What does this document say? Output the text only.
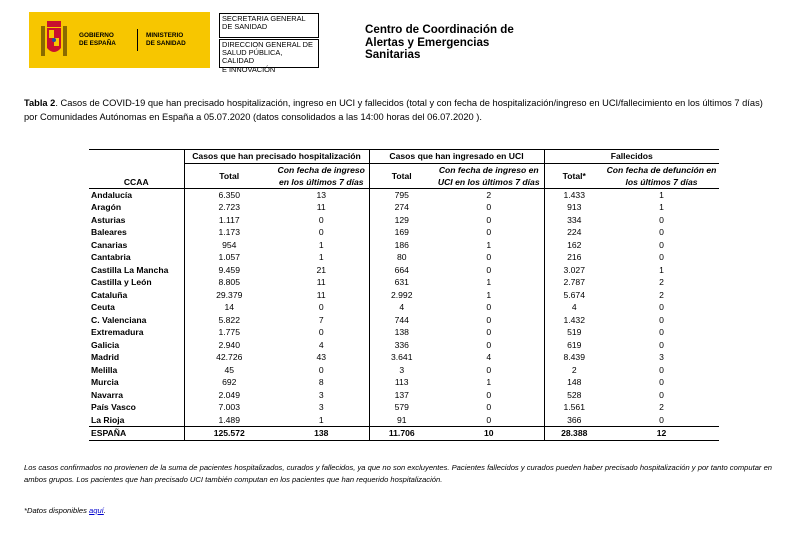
GOBIERNO
DE ESPAÑA
MINISTERIO
DE SANIDAD
SECRETARIA GENERAL
DE SANIDAD
DIRECCION GENERAL DE
SALUD PÚBLICA, CALIDAD
E INNOVACIÓN
Centro de Coordinación de
Alertas y Emergencias
Sanitarias
Tabla 2. Casos de COVID-19 que han precisado hospitalización, ingreso en UCI y fallecidos (total y con fecha de hospitalización/ingreso en UCI/fallecimiento en los últimos 7 días) por Comunidades Autónomas en España a 05.07.2020 (datos consolidados a las 14:00 horas del 06.07.2020 ).
CCAA	Casos que han precisado hospitalización		Casos que han ingresado en UCI		Fallecidos	
	Total	Con fecha de ingreso en los últimos 7 días	Total	Con fecha de ingreso en UCI en los últimos 7 días	Total*	Con fecha de defunción en los últimos 7 días
Andalucía	6.350	13	795	2	1.433	1
Aragón	2.723	11	274	0	913	1
Asturias	1.117	0	129	0	334	0
Baleares	1.173	0	169	0	224	0
Canarias	954	1	186	1	162	0
Cantabria	1.057	1	80	0	216	0
Castilla La Mancha	9.459	21	664	0	3.027	1
Castilla y León	8.805	11	631	1	2.787	2
Cataluña	29.379	11	2.992	1	5.674	2
Ceuta	14	0	4	0	4	0
C. Valenciana	5.822	7	744	0	1.432	0
Extremadura	1.775	0	138	0	519	0
Galicia	2.940	4	336	0	619	0
Madrid	42.726	43	3.641	4	8.439	3
Melilla	45	0	3	0	2	0
Murcia	692	8	113	1	148	0
Navarra	2.049	3	137	0	528	0
País Vasco	7.003	3	579	0	1.561	2
La Rioja	1.489	1	91	0	366	0
ESPAÑA	125.572	138	11.706	10	28.388	12
Los casos confirmados no provienen de la suma de pacientes hospitalizados, curados y fallecidos, ya que no son excluyentes. Pacientes fallecidos y curados pueden haber precisado hospitalización y por tanto computar en ambos grupos. Los pacientes que han precisado UCI también computan en los pacientes que han requerido hospitalización.
*Datos disponibles aquí.
